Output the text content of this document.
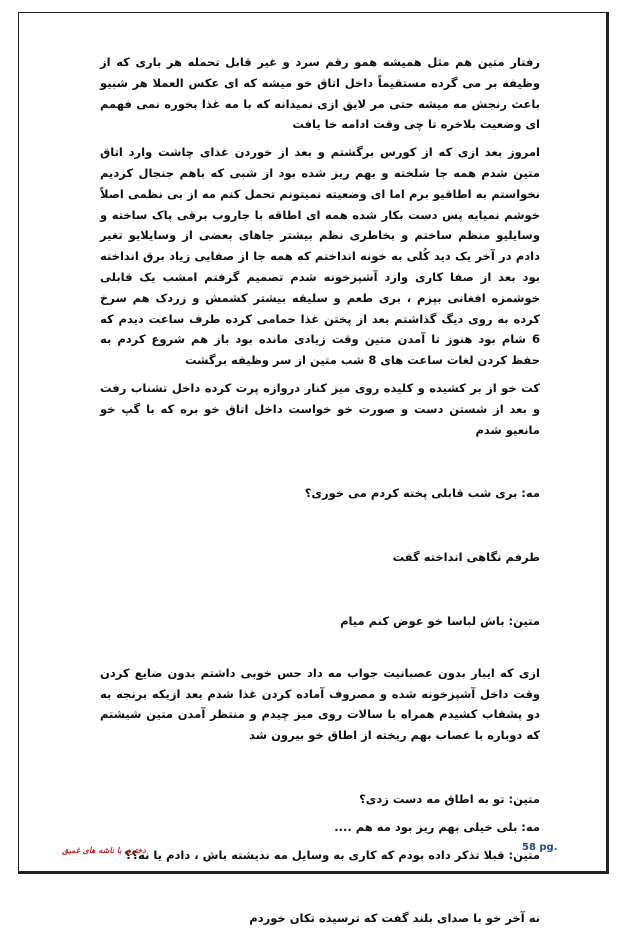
رفتار متین هم مثل همیشه همو رقم سرد و غیر قابل تحمله هر باری که از وظیفه بر می گرده مستقیماً داخل اتاق خو میشه که ای عکس العملا هر شبیو باعث رنجش مه میشه حتی مر لایق ازی نمیدانه که با مه غذا بخوره نمی فهمم ای وضعیت بلاخره تا چی وقت ادامه خا یافت

امروز بعد ازی که از کورس برگشتم و بعد از خوردن غذای چاشت وارد اتاق متین شدم همه جا شلخته و بهم ریز شده بود از شبی که باهم جنجال کردیم نخواستم به اطاقیو برم اما ای وضعیته نمیتونم تحمل کنم مه از بی نظمی اصلاً خوشم نمیایه پس دست بکار شده همه ای اطاقه با جاروب برقی پاک ساخته و وسایلیو منظم ساختم و بخاطری نظم بیشتر جاهای بعضی از وسایلایو تغیر دادم در آخر یک دید کُلی به خونه انداختم که همه جا از صفایی زیاد برق انداخته بود بعد از صفا کاری وارد آشپزخونه شدم تصمیم گرفتم امشب یک قابلی خوشمزه افغانی بپزم ، بری طعم و سلیقه بیشتر کشمش و زردک هم سرخ کرده به روی دیگ گذاشتم بعد از پختن غذا حمامی کرده طرف ساعت دیدم که 6 شام بود هنوز تا آمدن متین وقت زیادی مانده بود باز هم شروع کردم به حفظ کردن لغات ساعت های 8 شب متین از سر وظیفه برگشت

کت خو از بر کشیده و کلیده روی میز کنار دروازه پرت کرده داخل تشناب رفت و بعد از شستن دست و صورت خو خواست داخل اتاق خو بره که با گپ خو مانعیو شدم

مه: بری شب قابلی پخته کردم می خوری؟

طرفم نگاهی انداخته گفت

متین: باش لباسا خو عوض کنم میام

ازی که ایبار بدون عصبانیت جواب مه داد حس خوبی داشتم بدون ضایع کردن وقت داخل آشپزخونه شده و مصروف آماده کردن غذا شدم بعد ازیکه برنجه به دو پشقاب کشیدم همراه با سالات روی میز چیدم و منتظر آمدن متین شیشتم که دوباره با عصاب بهم ریخته از اطاق خو بیرون شد

متین: تو به اطاق مه دست زدی؟

مه: بلی خیلی بهم ریز بود مه هم ....

متین: قبلا تذکر داده بودم که کاری به وسایل مه ندیشته باش ، دادم یا نه؟؟

نه آخر خو با صدای بلند گفت که ترسیده تکان خوردم

دختری با ناشه های غمیق	58 pg.
